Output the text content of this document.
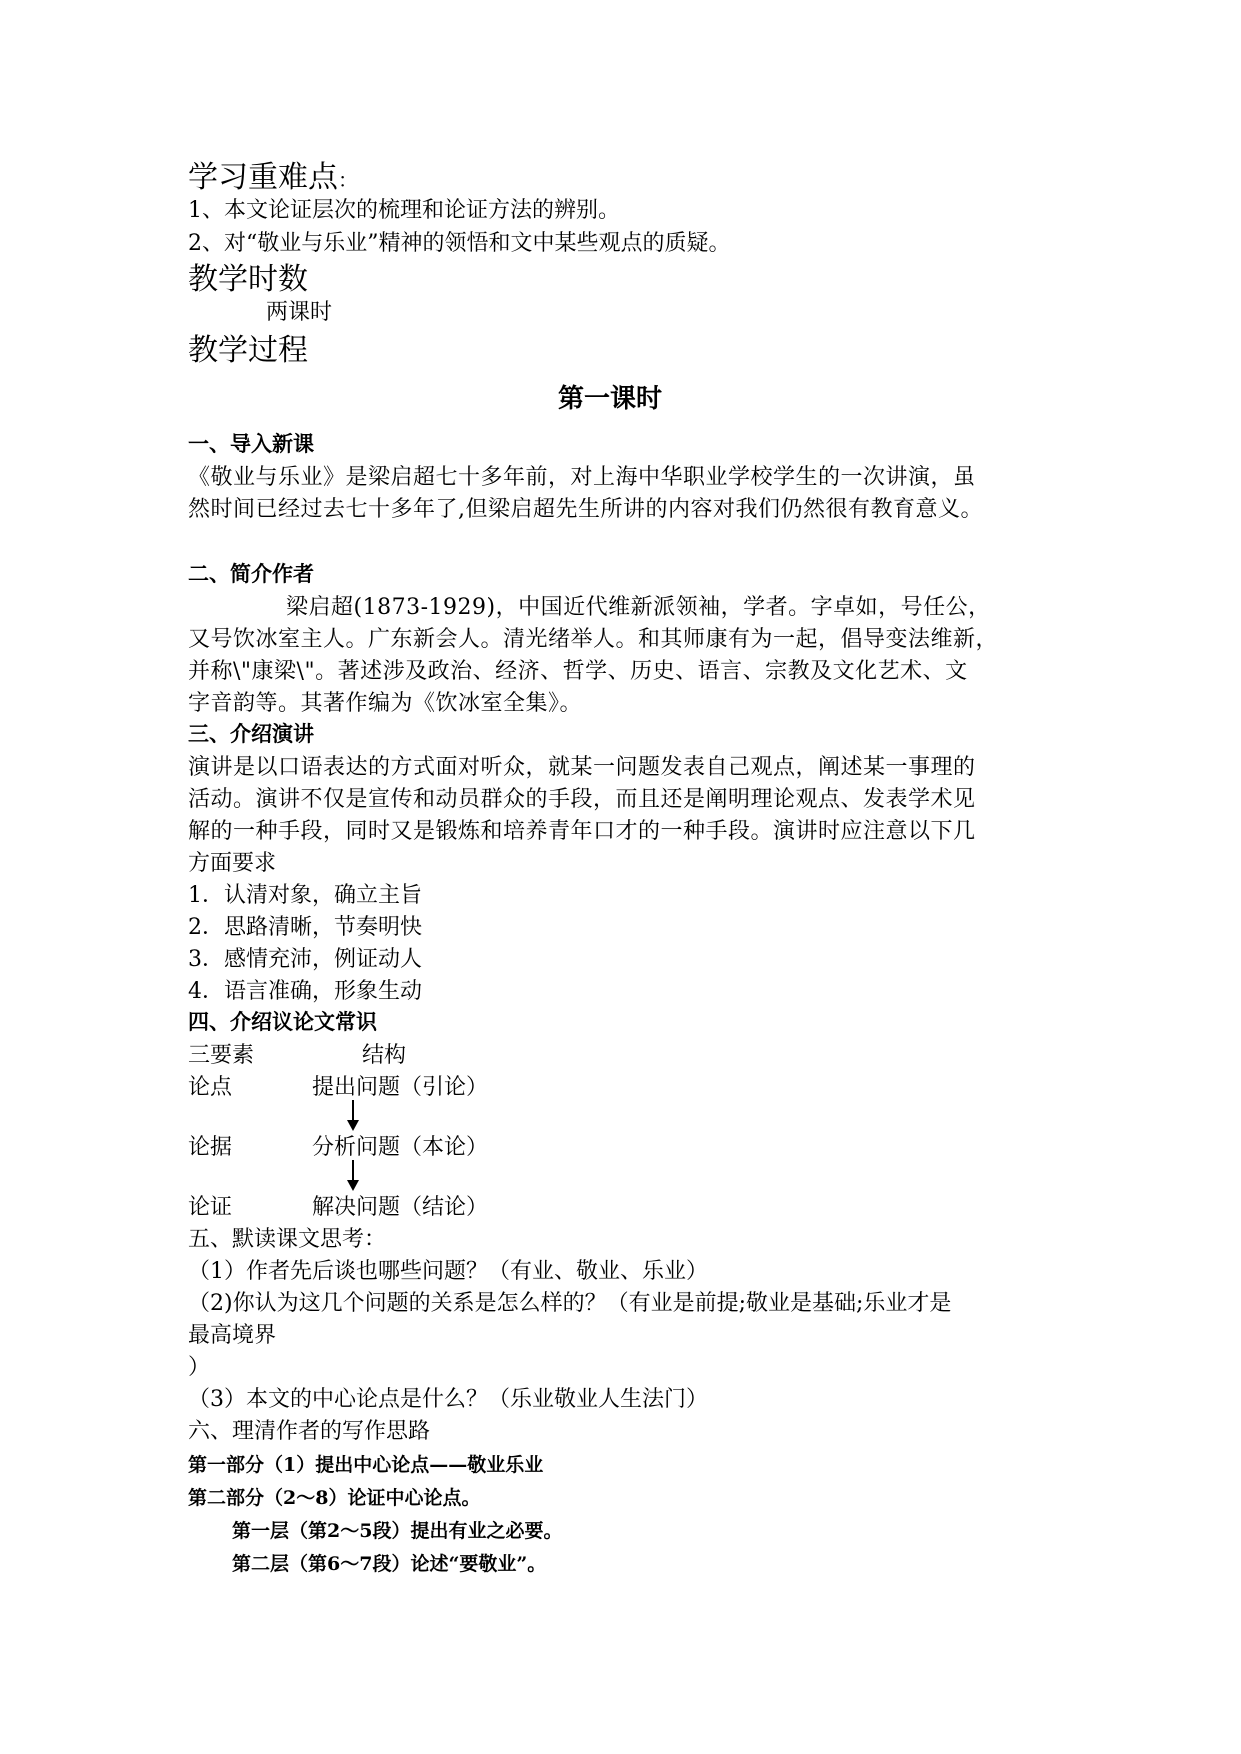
学习重难点：
1、本文论证层次的梳理和论证方法的辨别。
2、对“敬业与乐业”精神的领悟和文中某些观点的质疑。
教学时数
两课时
教学过程
第一课时
一、导入新课
《敬业与乐业》是梁启超七十多年前，对上海中华职业学校学生的一次讲演，虽
然时间已经过去七十多年了,但梁启超先生所讲的内容对我们仍然很有教育意义。
二、简介作者
梁启超(1873-1929)，中国近代维新派领袖，学者。字卓如，号任公，
又号饮冰室主人。广东新会人。清光绪举人。和其师康有为一起，倡导变法维新，
并称\"康梁\"。著述涉及政治、经济、哲学、历史、语言、宗教及文化艺术、文
字音韵等。其著作编为《饮冰室全集》。
三、介绍演讲
演讲是以口语表达的方式面对听众，就某一问题发表自己观点，阐述某一事理的
活动。演讲不仅是宣传和动员群众的手段，而且还是阐明理论观点、发表学术见
解的一种手段，同时又是锻炼和培养青年口才的一种手段。演讲时应注意以下几
方面要求
1．认清对象，确立主旨
2．思路清晰，节奏明快
3．感情充沛，例证动人
4．语言准确，形象生动
四、介绍议论文常识
三要素	结构
论点	提出问题（引论）
论据	分析问题（本论）
论证	解决问题（结论）
五、默读课文思考：
（1）作者先后谈也哪些问题？（有业、敬业、乐业）
（2)你认为这几个问题的关系是怎么样的？（有业是前提;敬业是基础;乐业才是
最高境界
）
（3）本文的中心论点是什么？（乐业敬业人生法门）
六、理清作者的写作思路
第一部分（1）提出中心论点——敬业乐业
第二部分（2～8）论证中心论点。
第一层（第2～5段）提出有业之必要。
第二层（第6～7段）论述“要敬业”。
